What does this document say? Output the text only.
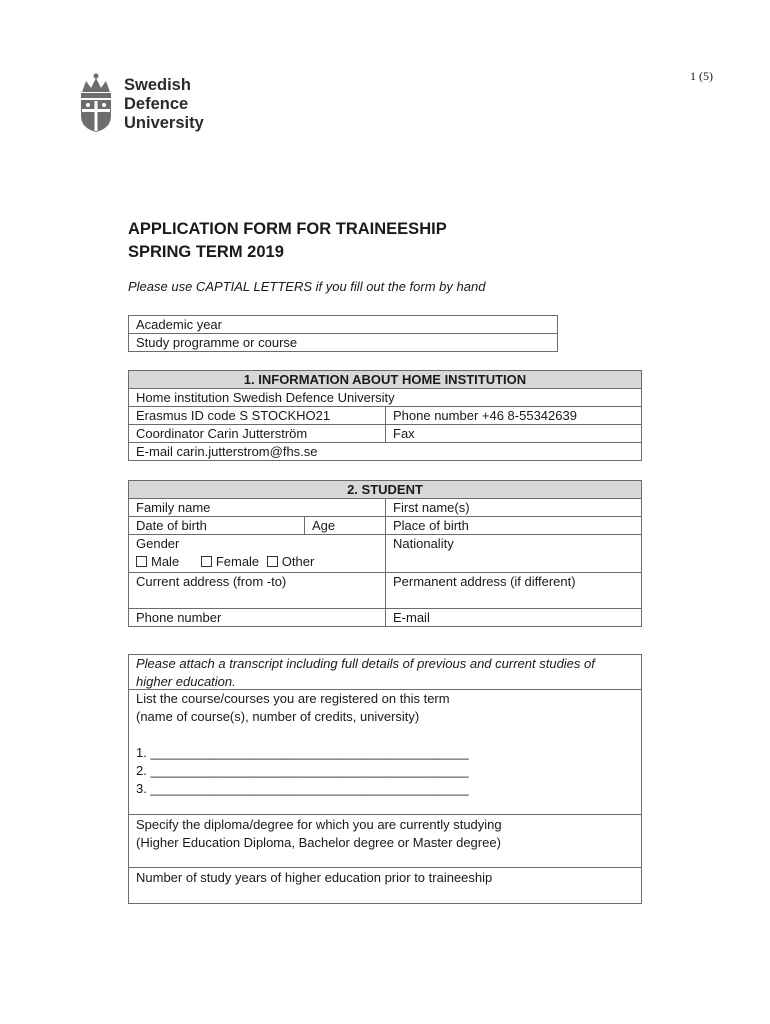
1 (5)
Swedish
Defence
University
APPLICATION FORM FOR TRAINEESHIP
SPRING TERM 2019
Please use CAPTIAL LETTERS if you fill out the form by hand
Academic year
Study programme or course
1. INFORMATION ABOUT HOME INSTITUTION	
Home institution Swedish Defence University	
Erasmus ID code S STOCKHO21	Phone number +46 8-55342639
Coordinator Carin Jutterström	Fax
E-mail carin.jutterstrom@fhs.se	
2. STUDENT		
Family name		First name(s)
Date of birth	Age	Place of birth

Gender
Male Female Other		Nationality
Current address (from -to)		Permanent address (if different)
Phone number		E-mail
Please attach a transcript including full details of previous and current studies of higher education.
List the course/courses you are registered on this term
(name of course(s), number of credits, university)
1. ____________________________________________
2. ____________________________________________
3. ____________________________________________
Specify the diploma/degree for which you are currently studying
(Higher Education Diploma, Bachelor degree or Master degree)
Number of study years of higher education prior to traineeship
